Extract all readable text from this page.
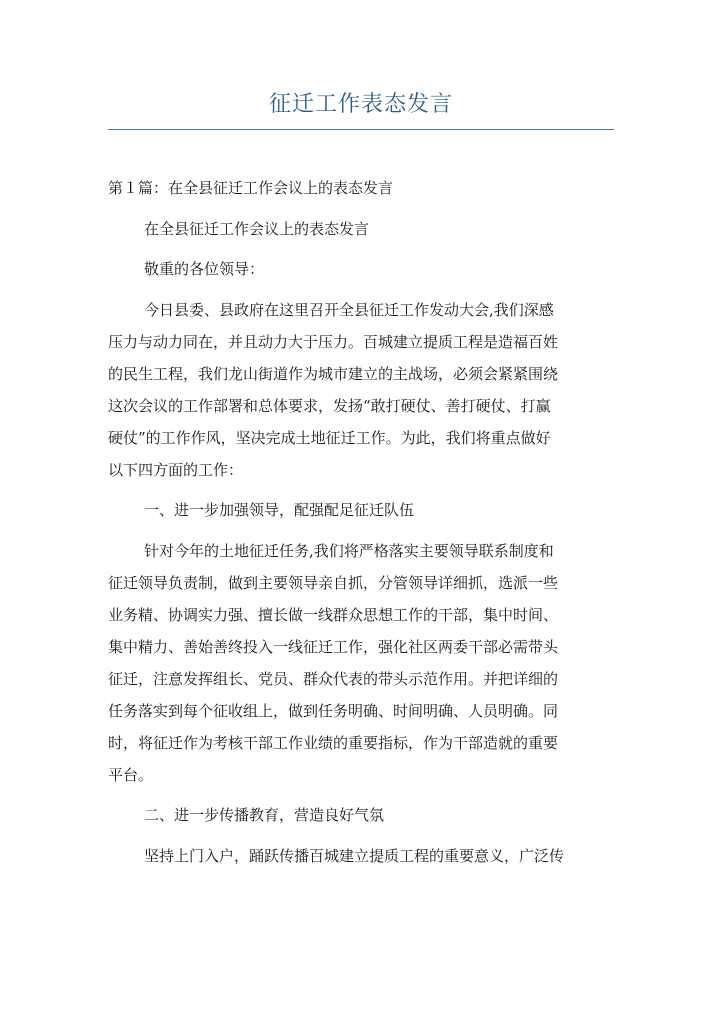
征迁工作表态发言
第１篇：在全县征迁工作会议上的表态发言
在全县征迁工作会议上的表态发言
敬重的各位领导：
今日县委、县政府在这里召开全县征迁工作发动大会,我们深感
压力与动力同在，并且动力大于压力。百城建立提质工程是造福百姓
的民生工程，我们龙山街道作为城市建立的主战场，必须会紧紧围绕
这次会议的工作部署和总体要求，发扬“敢打硬仗、善打硬仗、打赢
硬仗”的工作作风，坚决完成土地征迁工作。为此，我们将重点做好
以下四方面的工作：
一、进一步加强领导，配强配足征迁队伍
针对今年的土地征迁任务,我们将严格落实主要领导联系制度和
征迁领导负责制，做到主要领导亲自抓，分管领导详细抓，选派一些
业务精、协调实力强、擅长做一线群众思想工作的干部，集中时间、
集中精力、善始善终投入一线征迁工作，强化社区两委干部必需带头
征迁，注意发挥组长、党员、群众代表的带头示范作用。并把详细的
任务落实到每个征收组上，做到任务明确、时间明确、人员明确。同
时，将征迁作为考核干部工作业绩的重要指标，作为干部造就的重要
平台。
二、进一步传播教育，营造良好气氛
坚持上门入户，踊跃传播百城建立提质工程的重要意义，广泛传
